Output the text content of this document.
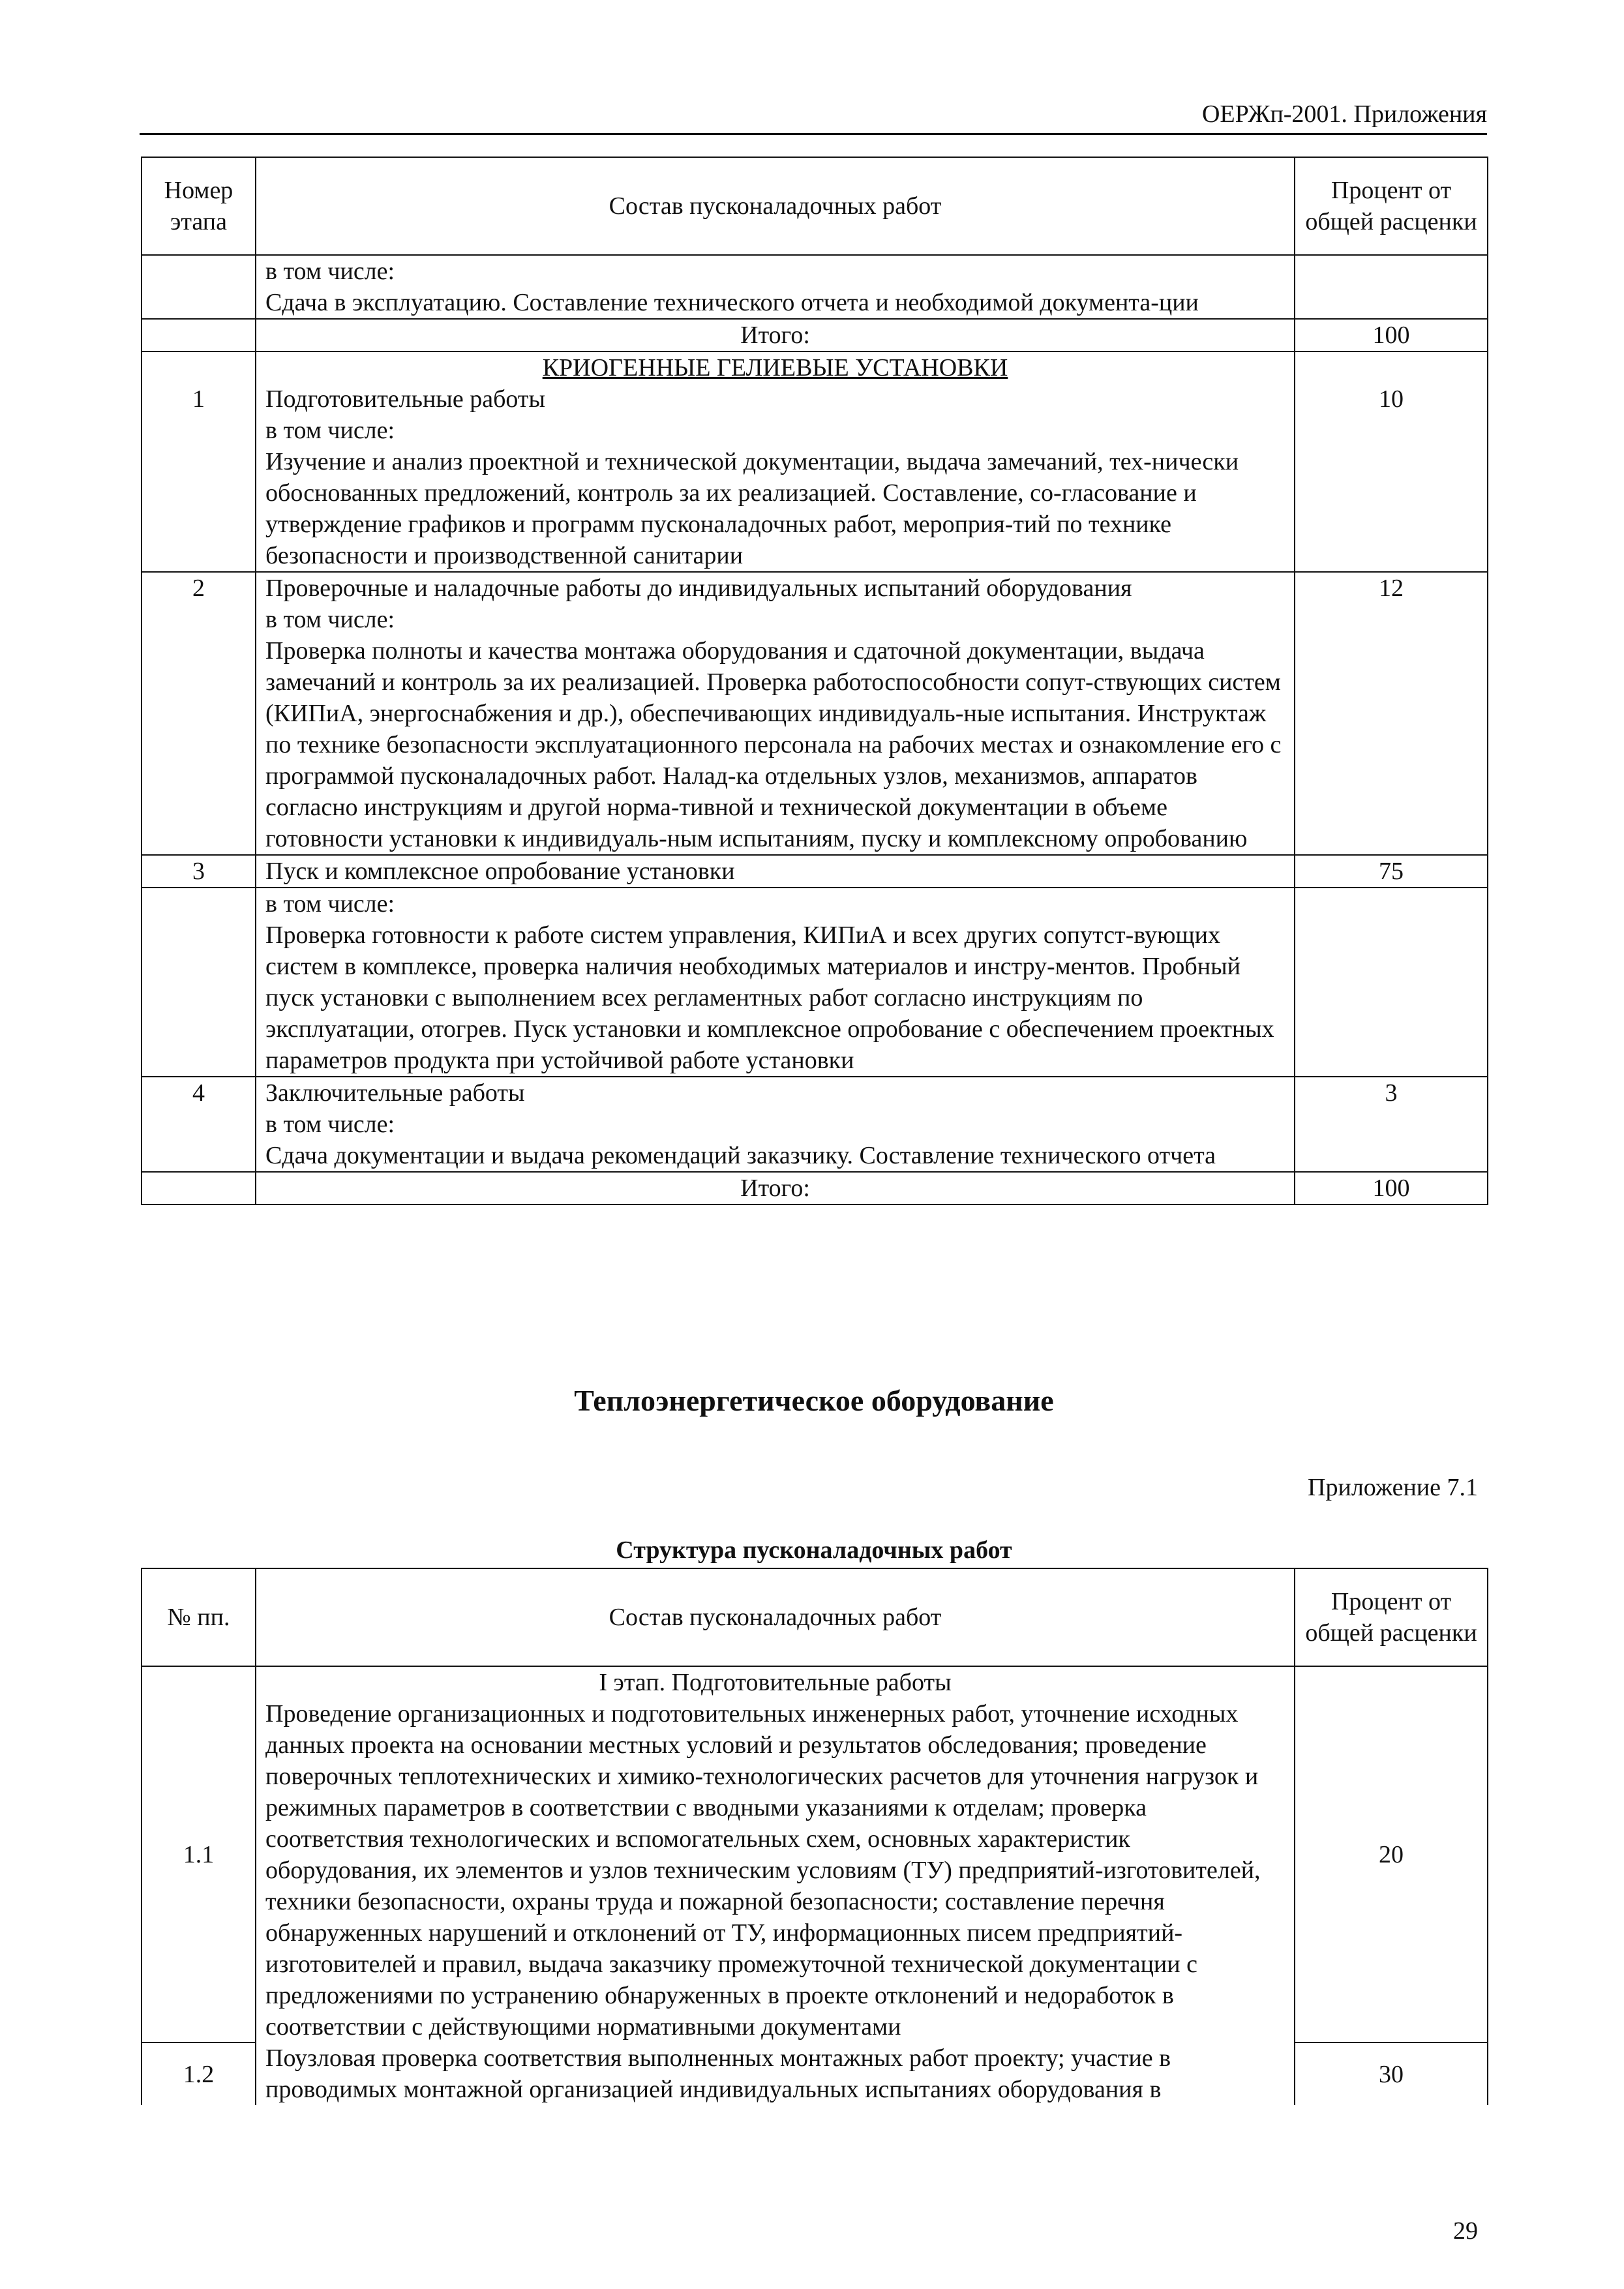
ОЕРЖп-2001. Приложения
Номер этапа	Состав пусконаладочных работ	Процент от общей расценки

	в том числе:
Сдача в эксплуатацию. Составление технического отчета и необходимой документа-ции	

	Итого:	100

1	КРИОГЕННЫЕ ГЕЛИЕВЫЕ УСТАНОВКИ
Подготовительные работы
в том числе:
Изучение и анализ проектной и технической документации, выдача замечаний, тех-нически обоснованных предложений, контроль за их реализацией. Составление, со-гласование и утверждение графиков и программ пусконаладочных работ, мероприя-тий по технике безопасности и производственной санитарии	10
2	Проверочные и наладочные работы до индивидуальных испытаний оборудования
в том числе:
Проверка полноты и качества монтажа оборудования и сдаточной документации, выдача замечаний и контроль за их реализацией. Проверка работоспособности сопут-ствующих систем (КИПиА, энергоснабжения и др.), обеспечивающих индивидуаль-ные испытания. Инструктаж по технике безопасности эксплуатационного персонала на рабочих местах и ознакомление его с программой пусконаладочных работ. Налад-ка отдельных узлов, механизмов, аппаратов согласно инструкциям и другой норма-тивной и технической документации в объеме готовности установки к индивидуаль-ным испытаниям, пуску и комплексному опробованию	12
3	Пуск и комплексное опробование установки	75

	в том числе:
Проверка готовности к работе систем управления, КИПиА и всех других сопутст-вующих систем в комплексе, проверка наличия необходимых материалов и инстру-ментов. Пробный пуск установки с выполнением всех регламентных работ согласно инструкциям по эксплуатации, отогрев. Пуск установки и комплексное опробование с обеспечением проектных параметров продукта при устойчивой работе установки	

4	Заключительные работы
в том числе:
Сдача документации и выдача рекомендаций заказчику. Составление технического отчета	3
	Итого:	100
Теплоэнергетическое оборудование
Приложение 7.1
Структура пусконаладочных работ
№ пп.	Состав пусконаладочных работ	Процент от общей расценки
1.1	I этап. Подготовительные работы
Проведение организационных и подготовительных инженерных работ, уточнение исходных данных проекта на основании местных условий и результатов обследования; проведение поверочных теплотехнических и химико-технологических расчетов для уточнения нагрузок и режимных параметров в соответствии с вводными указаниями к отделам; проверка соответствия технологических и вспомогательных схем, основных характеристик оборудования, их элементов и узлов техническим условиям (ТУ) предприятий-изготовителей, техники безопасности, охраны труда и пожарной безопасности; составление перечня обнаруженных нарушений и отклонений от ТУ, информационных писем предприятий-изготовителей и правил, выдача заказчику промежуточной технической документации с предложениями по устранению обнаруженных в проекте отклонений и недоработок в соответствии с действующими нормативными документами	20
1.2	Поузловая проверка соответствия выполненных монтажных работ проекту; участие в проводимых монтажной организацией индивидуальных испытаниях оборудования в	30
29
